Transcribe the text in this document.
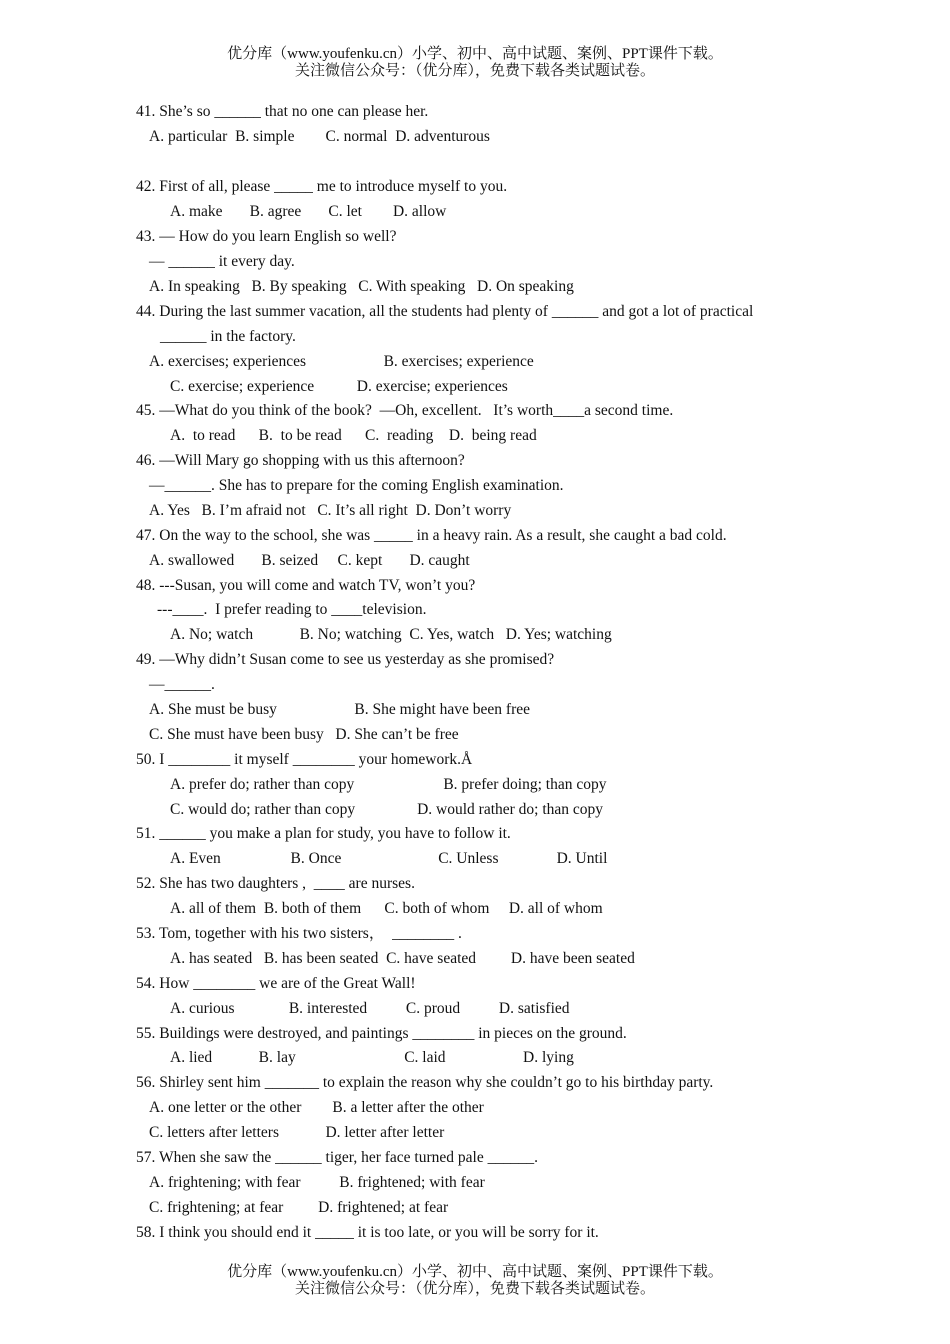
优分库（www.youfenku.cn）小学、初中、高中试题、案例、PPT课件下载。
关注微信公众号：（优分库），免费下载各类试题试卷。
41. She’s so ______ that no one can please her.
A. particular  B. simple        C. normal  D. adventurous
42. First of all, please _____ me to introduce myself to you.
A. make       B. agree       C. let        D. allow
43. — How do you learn English so well?
— ______ it every day.
A. In speaking   B. By speaking   C. With speaking   D. On speaking
44. During the last summer vacation, all the students had plenty of ______ and got a lot of practical
______ in the factory.
A. exercises; experiences                    B. exercises; experience
C. exercise; experience           D. exercise; experiences
45. —What do you think of the book?  —Oh, excellent.   It’s worth____a second time.
A.  to read      B.  to be read      C.  reading    D.  being read
46. —Will Mary go shopping with us this afternoon?
—______. She has to prepare for the coming English examination.
A. Yes   B. I’m afraid not   C. It’s all right  D. Don’t worry
47. On the way to the school, she was _____ in a heavy rain. As a result, she caught a bad cold.
A. swallowed       B. seized     C. kept       D. caught
48. ---Susan, you will come and watch TV, won’t you?
---____.  I prefer reading to ____television.
A. No; watch            B. No; watching  C. Yes, watch   D. Yes; watching
49. —Why didn’t Susan come to see us yesterday as she promised?
—______.
A. She must be busy                    B. She might have been free
C. She must have been busy   D. She can’t be free
50. I ________ it myself ________ your homework.Å
A. prefer do; rather than copy                       B. prefer doing; than copy
C. would do; rather than copy                D. would rather do; than copy
51. ______ you make a plan for study, you have to follow it.
A. Even                  B. Once                         C. Unless               D. Until
52. She has two daughters ,  ____ are nurses.
A. all of them  B. both of them      C. both of whom     D. all of whom
53. Tom, together with his two sisters，  ________ .
A. has seated   B. has been seated  C. have seated         D. have been seated
54. How ________ we are of the Great Wall!
A. curious              B. interested          C. proud          D. satisfied
55. Buildings were destroyed, and paintings ________ in pieces on the ground.
A. lied            B. lay                            C. laid                    D. lying
56. Shirley sent him _______ to explain the reason why she couldn’t go to his birthday party.
A. one letter or the other        B. a letter after the other
C. letters after letters            D. letter after letter
57. When she saw the ______ tiger, her face turned pale ______.
A. frightening; with fear          B. frightened; with fear
C. frightening; at fear         D. frightened; at fear
58. I think you should end it _____ it is too late, or you will be sorry for it.
优分库（www.youfenku.cn）小学、初中、高中试题、案例、PPT课件下载。
关注微信公众号：（优分库），免费下载各类试题试卷。
